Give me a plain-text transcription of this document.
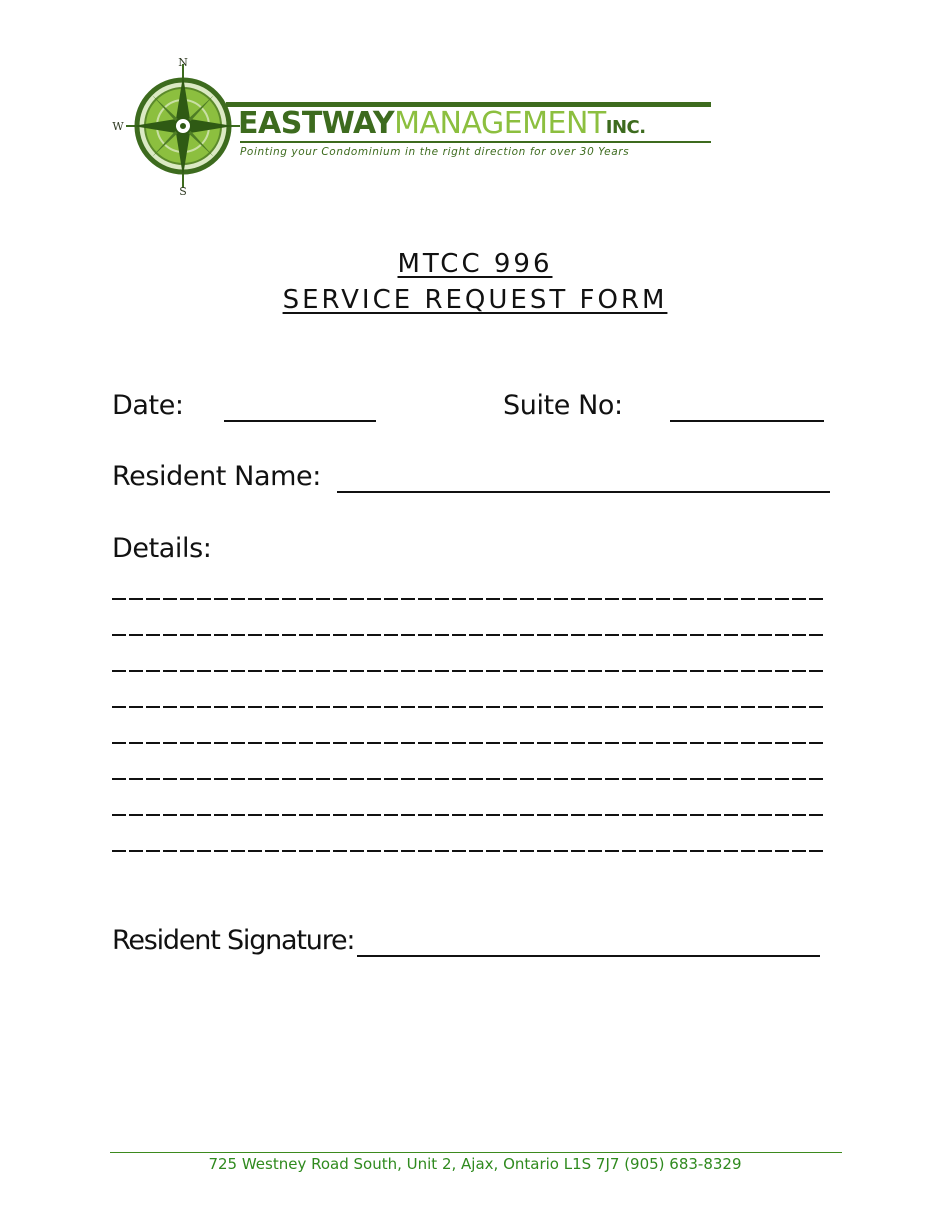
N
S
W	EASTWAYMANAGEMENTINC.
Pointing your Condominium in the right direction for over 30 Years
MTCC 996
SERVICE REQUEST FORM
Date:	Suite No:
Resident Name:
Details:
Resident Signature:
725 Westney Road South, Unit 2, Ajax, Ontario L1S 7J7 (905) 683-8329
